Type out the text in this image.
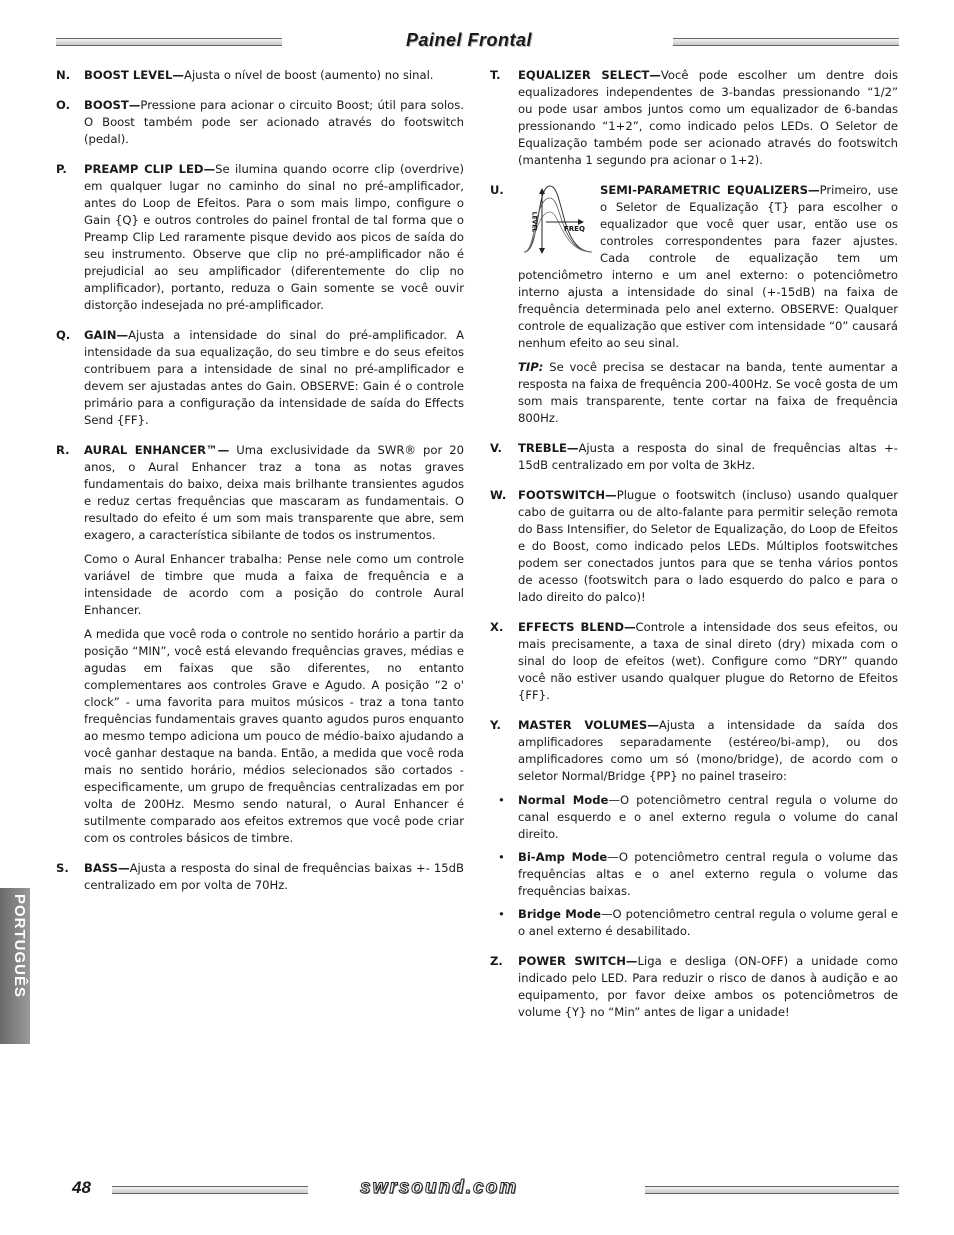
Painel Frontal
N. BOOST LEVEL—Ajusta o nível de boost (aumento) no sinal.

O. BOOST—Pressione para acionar o circuito Boost; útil para solos. O Boost também pode ser acionado através do footswitch (pedal).

P. PREAMP CLIP LED—Se ilumina quando ocorre clip (overdrive) em qualquer lugar no caminho do sinal no pré-amplificador, antes do Loop de Efeitos. Para o som mais limpo, configure o Gain {Q} e outros controles do painel frontal de tal forma que o Preamp Clip Led raramente pisque devido aos picos de saída do seu instrumento. Observe que clip no pré-amplificador não é prejudicial ao seu amplificador (diferentemente do clip no amplificador), portanto, reduza o Gain somente se você ouvir distorção indesejada no pré-amplificador.

Q. GAIN—Ajusta a intensidade do sinal do pré-amplificador. A intensidade da sua equalização, do seu timbre e do seus efeitos contribuem para a intensidade de sinal no pré-amplificador e devem ser ajustadas antes do Gain. OBSERVE: Gain é o controle primário para a configuração da intensidade de saída do Effects Send {FF}.

R. AURAL ENHANCER™— Uma exclusividade da SWR® por 20 anos, o Aural Enhancer traz a tona as notas graves fundamentais do baixo, deixa mais brilhante transientes agudos e reduz certas frequências que mascaram as fundamentais. O resultado do efeito é um som mais transparente que abre, sem exagero, a característica sibilante de todos os instrumentos.

Como o Aural Enhancer trabalha: Pense nele como um controle variável de timbre que muda a faixa de frequência e a intensidade de acordo com a posição do controle Aural Enhancer.

A medida que você roda o controle no sentido horário a partir da posição “MIN”, você está elevando frequências graves, médias e agudas em faixas que são diferentes, no entanto complementares aos controles Grave e Agudo. A posição “2 o' clock” - uma favorita para muitos músicos - traz a tona tanto frequências fundamentais graves quanto agudos puros enquanto ao mesmo tempo adiciona um pouco de médio-baixo ajudando a você ganhar destaque na banda. Então, a medida que você roda mais no sentido horário, médios selecionados são cortados - especificamente, um grupo de frequências centralizadas em por volta de 200Hz. Mesmo sendo natural, o Aural Enhancer é sutilmente comparado aos efeitos extremos que você pode criar com os controles básicos de timbre.

S. BASS—Ajusta a resposta do sinal de frequências baixas +- 15dB centralizado em por volta de 70Hz.

T. EQUALIZER SELECT—Você pode escolher um dentre dois equalizadores independentes de 3-bandas pressionando “1/2” ou pode usar ambos juntos como um equalizador de 6-bandas pressionando “1+2”, como indicado pelos LEDs. O Seletor de Equalização também pode ser acionado através do footswitch (mantenha 1 segundo pra acionar o 1+2).

U.

LEVEL	FREQ
SEMI-PARAMETRIC EQUALIZERS—Primeiro, use o Seletor de Equalização {T} para escolher o equalizador que você quer usar, então use os controles correspondentes para fazer ajustes. Cada controle de equalização tem um potenciômetro interno e um anel externo: o potenciômetro interno ajusta a intensidade do sinal (+-15dB) na faixa de frequência determinada pelo anel externo. OBSERVE: Qualquer controle de equalização que estiver com intensidade “0” causará nenhum efeito ao seu sinal.

TIP: Se você precisa se destacar na banda, tente aumentar a resposta na faixa de frequência 200-400Hz. Se você gosta de um som mais transparente, tente cortar na faixa de frequência 800Hz.

V. TREBLE—Ajusta a resposta do sinal de frequências altas +- 15dB centralizado em por volta de 3kHz.

W. FOOTSWITCH—Plugue o footswitch (incluso) usando qualquer cabo de guitarra ou de alto-falante para permitir seleção remota do Bass Intensifier, do Seletor de Equalização, do Loop de Efeitos e do Boost, como indicado pelos LEDs. Múltiplos footswitches podem ser conectados juntos para que se tenha vários pontos de acesso (footswitch para o lado esquerdo do palco e para o lado direito do palco)!

X. EFFECTS BLEND—Controle a intensidade dos seus efeitos, ou mais precisamente, a taxa de sinal direto (dry) mixada com o sinal do loop de efeitos (wet). Configure como “DRY” quando você não estiver usando qualquer plugue do Retorno de Efeitos {FF}.

Y. MASTER VOLUMES—Ajusta a intensidade da saída dos amplificadores separadamente (estéreo/bi-amp), ou dos amplificadores como um só (mono/bridge), de acordo com o seletor Normal/Bridge {PP} no painel traseiro:

• Normal Mode—O potenciômetro central regula o volume do canal esquerdo e o anel externo regula o volume do canal direito.
• Bi-Amp Mode—O potenciômetro central regula o volume das frequências altas e o anel externo regula o volume das frequências baixas.
• Bridge Mode—O potenciômetro central regula o volume geral e o anel externo é desabilitado.
Z. POWER SWITCH—Liga e desliga (ON-OFF) a unidade como indicado pelo LED. Para reduzir o risco de danos à audição e ao equipamento, por favor deixe ambos os potenciômetros de volume {Y} no “Min” antes de ligar a unidade!

PORTUGUÊS
48	swrsound.com
